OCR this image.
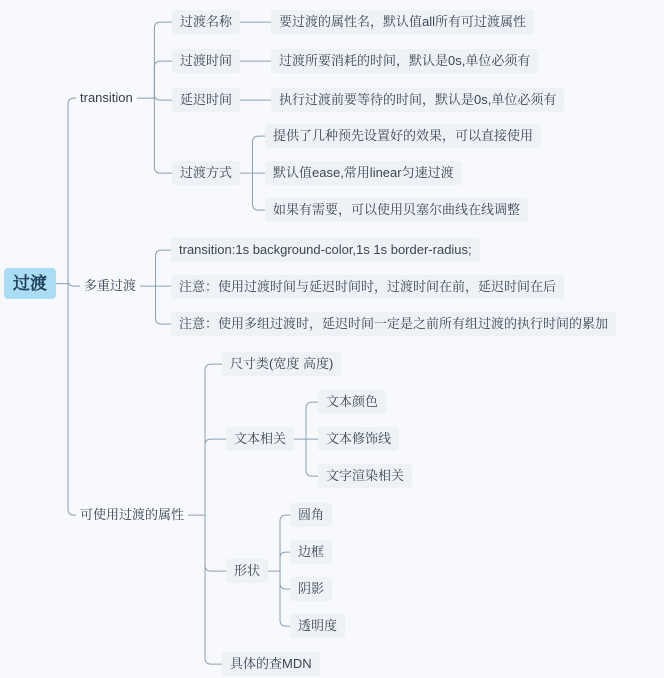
过渡
transition
过渡名称	要过渡的属性名，默认值all所有可过渡属性
过渡时间	过渡所要消耗的时间，默认是0s,单位必须有
延迟时间	执行过渡前要等待的时间，默认是0s,单位必须有
过渡方式
提供了几种预先设置好的效果，可以直接使用
默认值ease,常用linear匀速过渡
如果有需要，可以使用贝塞尔曲线在线调整
多重过渡
transition:1s background-color,1s 1s border-radius;
注意：使用过渡时间与延迟时间时，过渡时间在前，延迟时间在后
注意：使用多组过渡时，延迟时间一定是之前所有组过渡的执行时间的累加
可使用过渡的属性
尺寸类(宽度 高度)
文本相关
文本颜色
文本修饰线
文字渲染相关
形状
圆角
边框
阴影
透明度
具体的查MDN
